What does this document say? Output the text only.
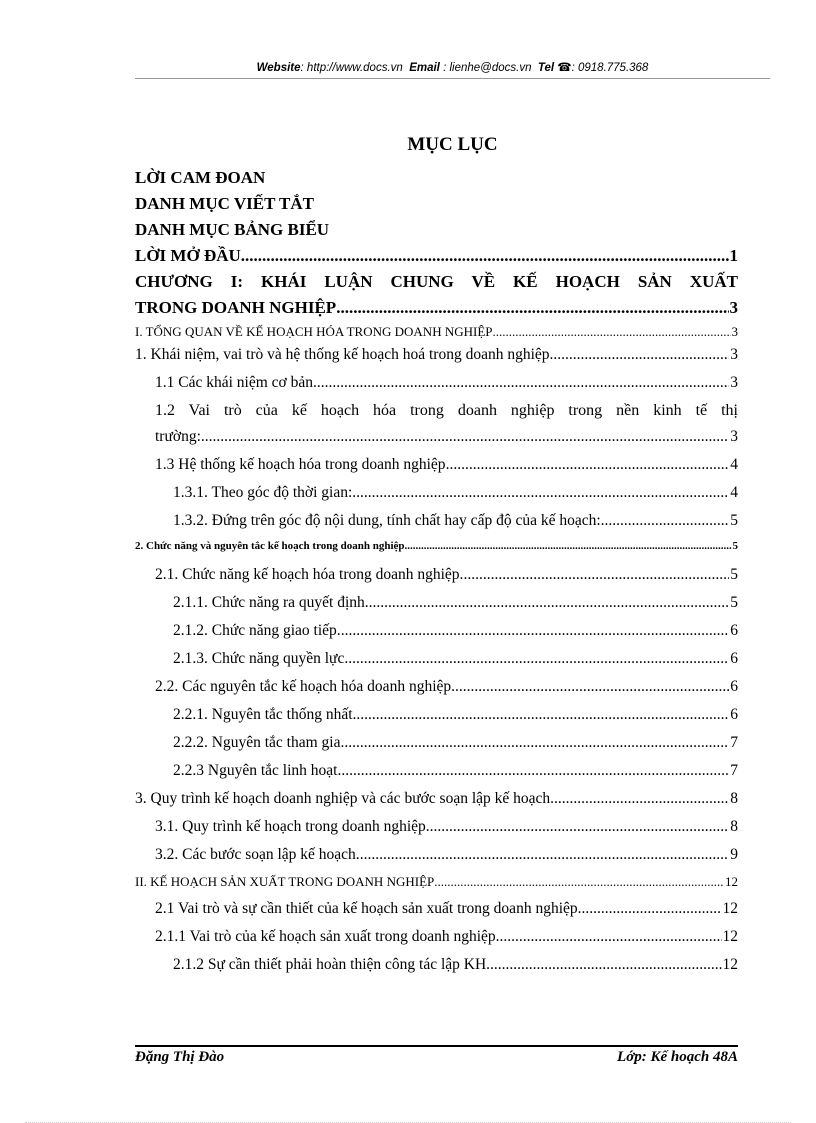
Website: http://www.docs.vn Email : lienhe@docs.vn Tel ☎: 0918.775.368
MỤC LỤC
LỜI CAM ĐOAN
DANH MỤC VIẾT TẮT
DANH MỤC BẢNG BIỂU
LỜI MỞ ĐẦU .....	1
CHƯƠNG I: KHÁI LUẬN CHUNG VỀ KẾ HOẠCH SẢN XUẤT
TRONG DOANH NGHIỆP .....	3
I. TỔNG QUAN VỀ KẾ HOẠCH HÓA TRONG DOANH NGHIỆP .....	3
1. Khái niệm, vai trò và hệ thống kế hoạch hoá trong doanh nghiệp .....	3
1.1 Các khái niệm cơ bản .....	3
1.2 Vai trò của kế hoạch hóa trong doanh nghiệp trong nền kinh tế thị
trường: .....	3
1.3 Hệ thống kế hoạch hóa trong doanh nghiệp .....	4
1.3.1. Theo góc độ thời gian: .....	4
1.3.2. Đứng trên góc độ nội dung, tính chất hay cấp độ của kế hoạch: .....	5
2. Chức năng và nguyên tắc kế hoạch trong doanh nghiệp. .....	5
2.1. Chức năng kế hoạch hóa trong doanh nghiệp. .....	5
2.1.1. Chức năng ra quyết định. .....	5
2.1.2. Chức năng giao tiếp. .....	6
2.1.3. Chức năng quyền lực. .....	6
2.2. Các nguyên tắc kế hoạch hóa doanh nghiệp. .....	6
2.2.1. Nguyên tắc thống nhất. .....	6
2.2.2. Nguyên tắc tham gia. .....	7
2.2.3 Nguyên tắc linh hoạt .....	7
3. Quy trình kế hoạch doanh nghiệp và các bước soạn lập kế hoạch. .....	8
3.1. Quy trình kế hoạch trong doanh nghiệp. .....	8
3.2. Các bước soạn lập kế hoạch. .....	9
II. KẾ HOẠCH SẢN XUẤT TRONG DOANH NGHIỆP .....	12
2.1 Vai trò và sự cần thiết của kế hoạch sản xuất trong doanh nghiệp .....	12
2.1.1 Vai trò của kế hoạch sản xuất trong doanh nghiệp .....	12
2.1.2 Sự cần thiết phải hoàn thiện công tác lập KH .....	12
Đặng Thị Đào	Lớp: Kế hoạch 48A
